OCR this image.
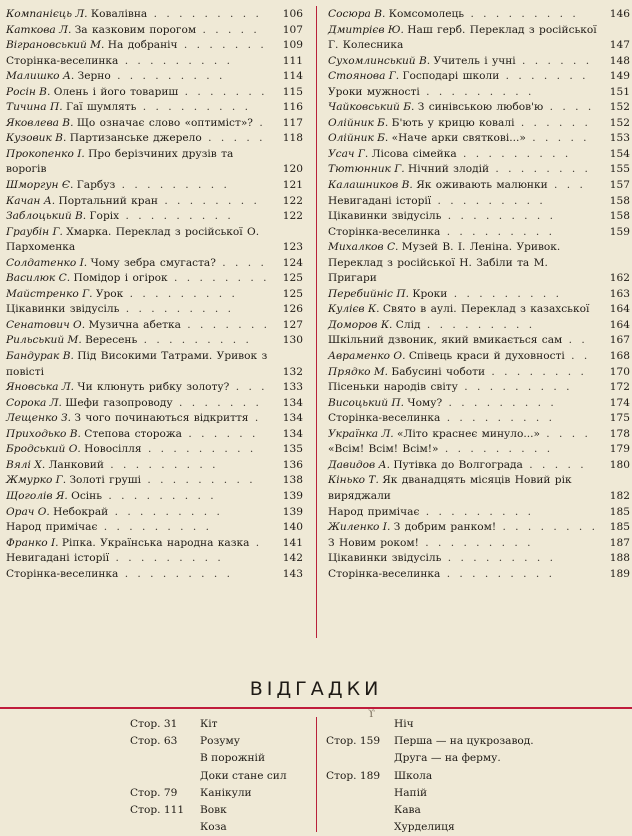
Компанієць Л. Ковалівна . . . . . . . . .	106
Каткова Л. За казковим порогом . . . . .	107
Віграновський М. На добраніч . . . . . . .	109
Сторінка-веселинка . . . . . . . . .	111
Малишко А. Зерно . . . . . . . . .	114
Росін В. Олень і його товариш . . . . . . .	115
Тичина П. Гаї шумлять . . . . . . . . .	116
Яковлева В. Що означає слово «оптиміст»? .	117
Кузовик В. Партизанське джерело . . . . .	118
Прокопенко І. Про берізчиних друзів та ворогів	120
Шморгун Є. Гарбуз . . . . . . . . .	121
Качан А. Портальний кран . . . . . . . .	122
Заблоцький В. Горіх . . . . . . . . .	122
Граубін Г. Хмарка. Переклад з російської О. Пархоменка	123
Солдатенко І. Чому зебра смугаста? . . . .	124
Василюк С. Помідор і огірок . . . . . . . .	125
Майстренко Г. Урок . . . . . . . . .	125
Цікавинки звідусіль . . . . . . . . .	126
Сенатович О. Музична абетка . . . . . . .	127
Рильський М. Вересень . . . . . . . . .	130
Бандурак В. Під Високими Татрами. Уривок з повісті	132
Яновська Л. Чи клюнуть рибку золоту? . . .	133
Сорока Л. Шефи газопроводу . . . . . . .	134
Лещенко З. З чого починаються відкриття .	134
Приходько В. Степова сторожа . . . . . .	134
Бродський О. Новосілля . . . . . . . . .	135
Вялі Х. Ланковий . . . . . . . . .	136
Жмурко Г. Золоті груші . . . . . . . . .	138
Щоголів Я. Осінь . . . . . . . . .	139
Орач О. Небокрай . . . . . . . . .	139
Народ примічає . . . . . . . . .	140
Франко І. Ріпка. Українська народна казка .	141
Невигадані історії . . . . . . . . .	142
Сторінка-веселинка . . . . . . . . .	143
Сосюра В. Комсомолець . . . . . . . . .	146
Дмитрієв Ю. Наш герб. Переклад з російської Г. Колесника	147
Сухомлинський В. Учитель і учні . . . . . .	148
Стоянова Г. Господарі школи . . . . . . .	149
Уроки мужності . . . . . . . . .	151
Чайковський Б. З синівською любов'ю . . . .	152
Олійник Б. Б'ють у крицю ковалі . . . . . .	152
Олійник Б. «Наче арки святкові...» . . . . .	153
Усач Г. Лісова сімейка . . . . . . . . .	154
Тютюнник Г. Нічний злодій . . . . . . . .	155
Калашников В. Як оживають малюнки . . .	157
Невигадані історії . . . . . . . . .	158
Цікавинки звідусіль . . . . . . . . .	158
Сторінка-веселинка . . . . . . . . .	159
Михалков С. Музей В. І. Леніна. Уривок. Переклад з російської Н. Забіли та М. Пригари	162
Перебийніс П. Кроки . . . . . . . . .	163
Кулієв К. Свято в аулі. Переклад з казахської	164
Доморов К. Слід . . . . . . . . .	164
Шкільний дзвоник, який вмикається сам . .	167
Авраменко О. Співець краси й духовності . .	168
Прядко М. Бабусині чоботи . . . . . . . .	170
Пісеньки народів світу . . . . . . . . .	172
Висоцький П. Чому? . . . . . . . . .	174
Сторінка-веселинка . . . . . . . . .	175
Українка Л. «Літо краснеє минуло...» . . . .	178
«Всім! Всім! Всім!» . . . . . . . . .	179
Давидов А. Путівка до Волгограда . . . . .	180
Кінько Т. Як дванадцять місяців Новий рік виряджали	182
Народ примічає . . . . . . . . .	185
Жиленко І. З добрим ранком! . . . . . . . .	185
З Новим роком! . . . . . . . . .	187
Цікавинки звідусіль . . . . . . . . .	188
Сторінка-веселинка . . . . . . . . .	189
ВІДГАДКИ
ϒ
Стор. 31 Кіт
Стор. 63 Розуму
В порожній
Доки стане сил
Стор. 79 Канікули
Стор. 111 Вовк
Коза
Ніч
Стор. 159 Перша — на цукрозавод.
Друга — на ферму.
Стор. 189 Школа
Напій
Кава
Хурделиця
